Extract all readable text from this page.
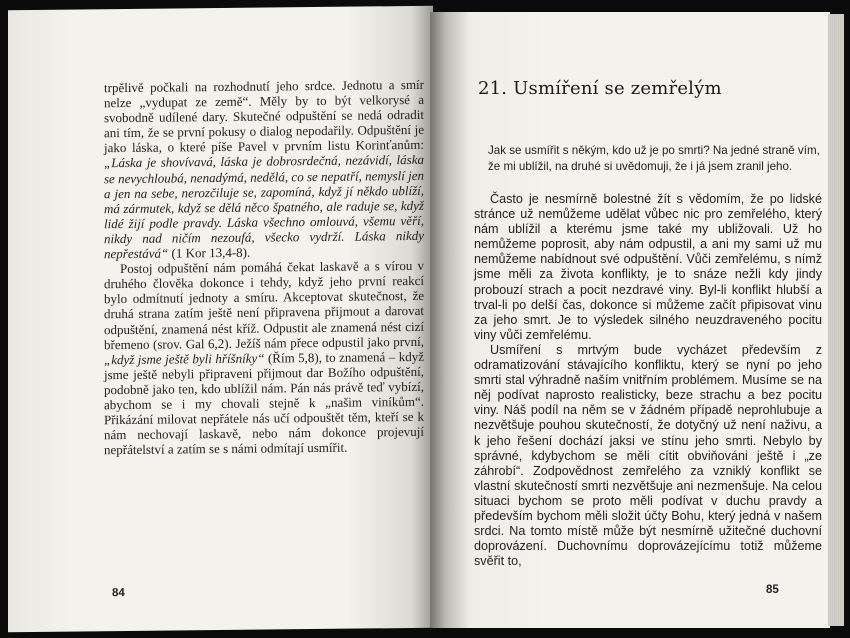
trpělivě počkali na rozhodnutí jeho srdce. Jednotu a smír nelze „vydupat ze země“. Měly by to být velkorysé a svobodně udílené dary. Skutečné odpuštění se nedá odradit ani tím, že se první pokusy o dialog nepodařily. Odpuštění je jako láska, o které píše Pavel v prvním listu Korinťanům: „Láska je shovívavá, láska je dobrosrdečná, nezávidí, láska se nevychloubá, nenadýmá, nedělá, co se nepatří, nemyslí jen a jen na sebe, nerozčiluje se, zapomíná, když jí někdo ublíží, má zármutek, když se dělá něco špatného, ale raduje se, když lidé žijí podle pravdy. Láska všechno omlouvá, všemu věří, nikdy nad ničím nezoufá, všecko vydrží. Láska nikdy nepřestává“ (1 Kor 13,4-8).

Postoj odpuštění nám pomáhá čekat laskavě a s vírou v druhého člověka dokonce i tehdy, když jeho první reakcí bylo odmítnutí jednoty a smíru. Akceptovat skutečnost, že druhá strana zatím ještě není připravena přijmout a darovat odpuštění, znamená nést kříž. Odpustit ale znamená nést cizí břemeno (srov. Gal 6,2). Ježíš nám přece odpustil jako první, „když jsme ještě byli hříšníky“ (Řím 5,8), to znamená – když jsme ještě nebyli připraveni přijmout dar Božího odpuštění, podobně jako ten, kdo ublížil nám. Pán nás právě teď vybízí, abychom se i my chovali stejně k „našim viníkům“. Přikázání milovat nepřátele nás učí odpouštět těm, kteří se k nám nechovají laskavě, nebo nám dokonce projevují nepřátelství a zatím se s námi odmítají usmířit.

84
21. Usmíření se zemřelým
Jak se usmířit s někým, kdo už je po smrti? Na jedné straně vím, že mi ublížil, na druhé si uvědomuji, že i já jsem zranil jeho.

Často je nesmírně bolestné žít s vědomím, že po lidské stránce už nemůžeme udělat vůbec nic pro zemřelého, který nám ublížil a kterému jsme také my ubližovali. Už ho nemůžeme poprosit, aby nám odpustil, a ani my sami už mu nemůžeme nabídnout své odpuštění. Vůči zemřelému, s nímž jsme měli za života konflikty, je to snáze nežli kdy jindy probouzí strach a pocit nezdravé viny. Byl-li konflikt hlubší a trval-li po delší čas, dokonce si můžeme začít připisovat vinu za jeho smrt. Je to výsledek silného neuzdraveného pocitu viny vůči zemřelému.

Usmíření s mrtvým bude vycházet především z odramatizování stávajícího konfliktu, který se nyní po jeho smrti stal výhradně naším vnitřním problémem. Musíme se na něj podívat naprosto realisticky, beze strachu a bez pocitu viny. Náš podíl na něm se v žádném případě neprohlubuje a nezvětšuje pouhou skutečností, že dotyčný už není naživu, a k jeho řešení dochází jaksi ve stínu jeho smrti. Nebylo by správné, kdybychom se měli cítit obviňováni ještě i „ze záhrobí“. Zodpovědnost zemřelého za vzniklý konflikt se vlastní skutečností smrti nezvětšuje ani nezmenšuje. Na celou situaci bychom se proto měli podívat v duchu pravdy a především bychom měli složit účty Bohu, který jedná v našem srdci. Na tomto místě může být nesmírně užitečné duchovní doprovázení. Duchovnímu doprovázejícímu totiž můžeme svěřit to,

85
